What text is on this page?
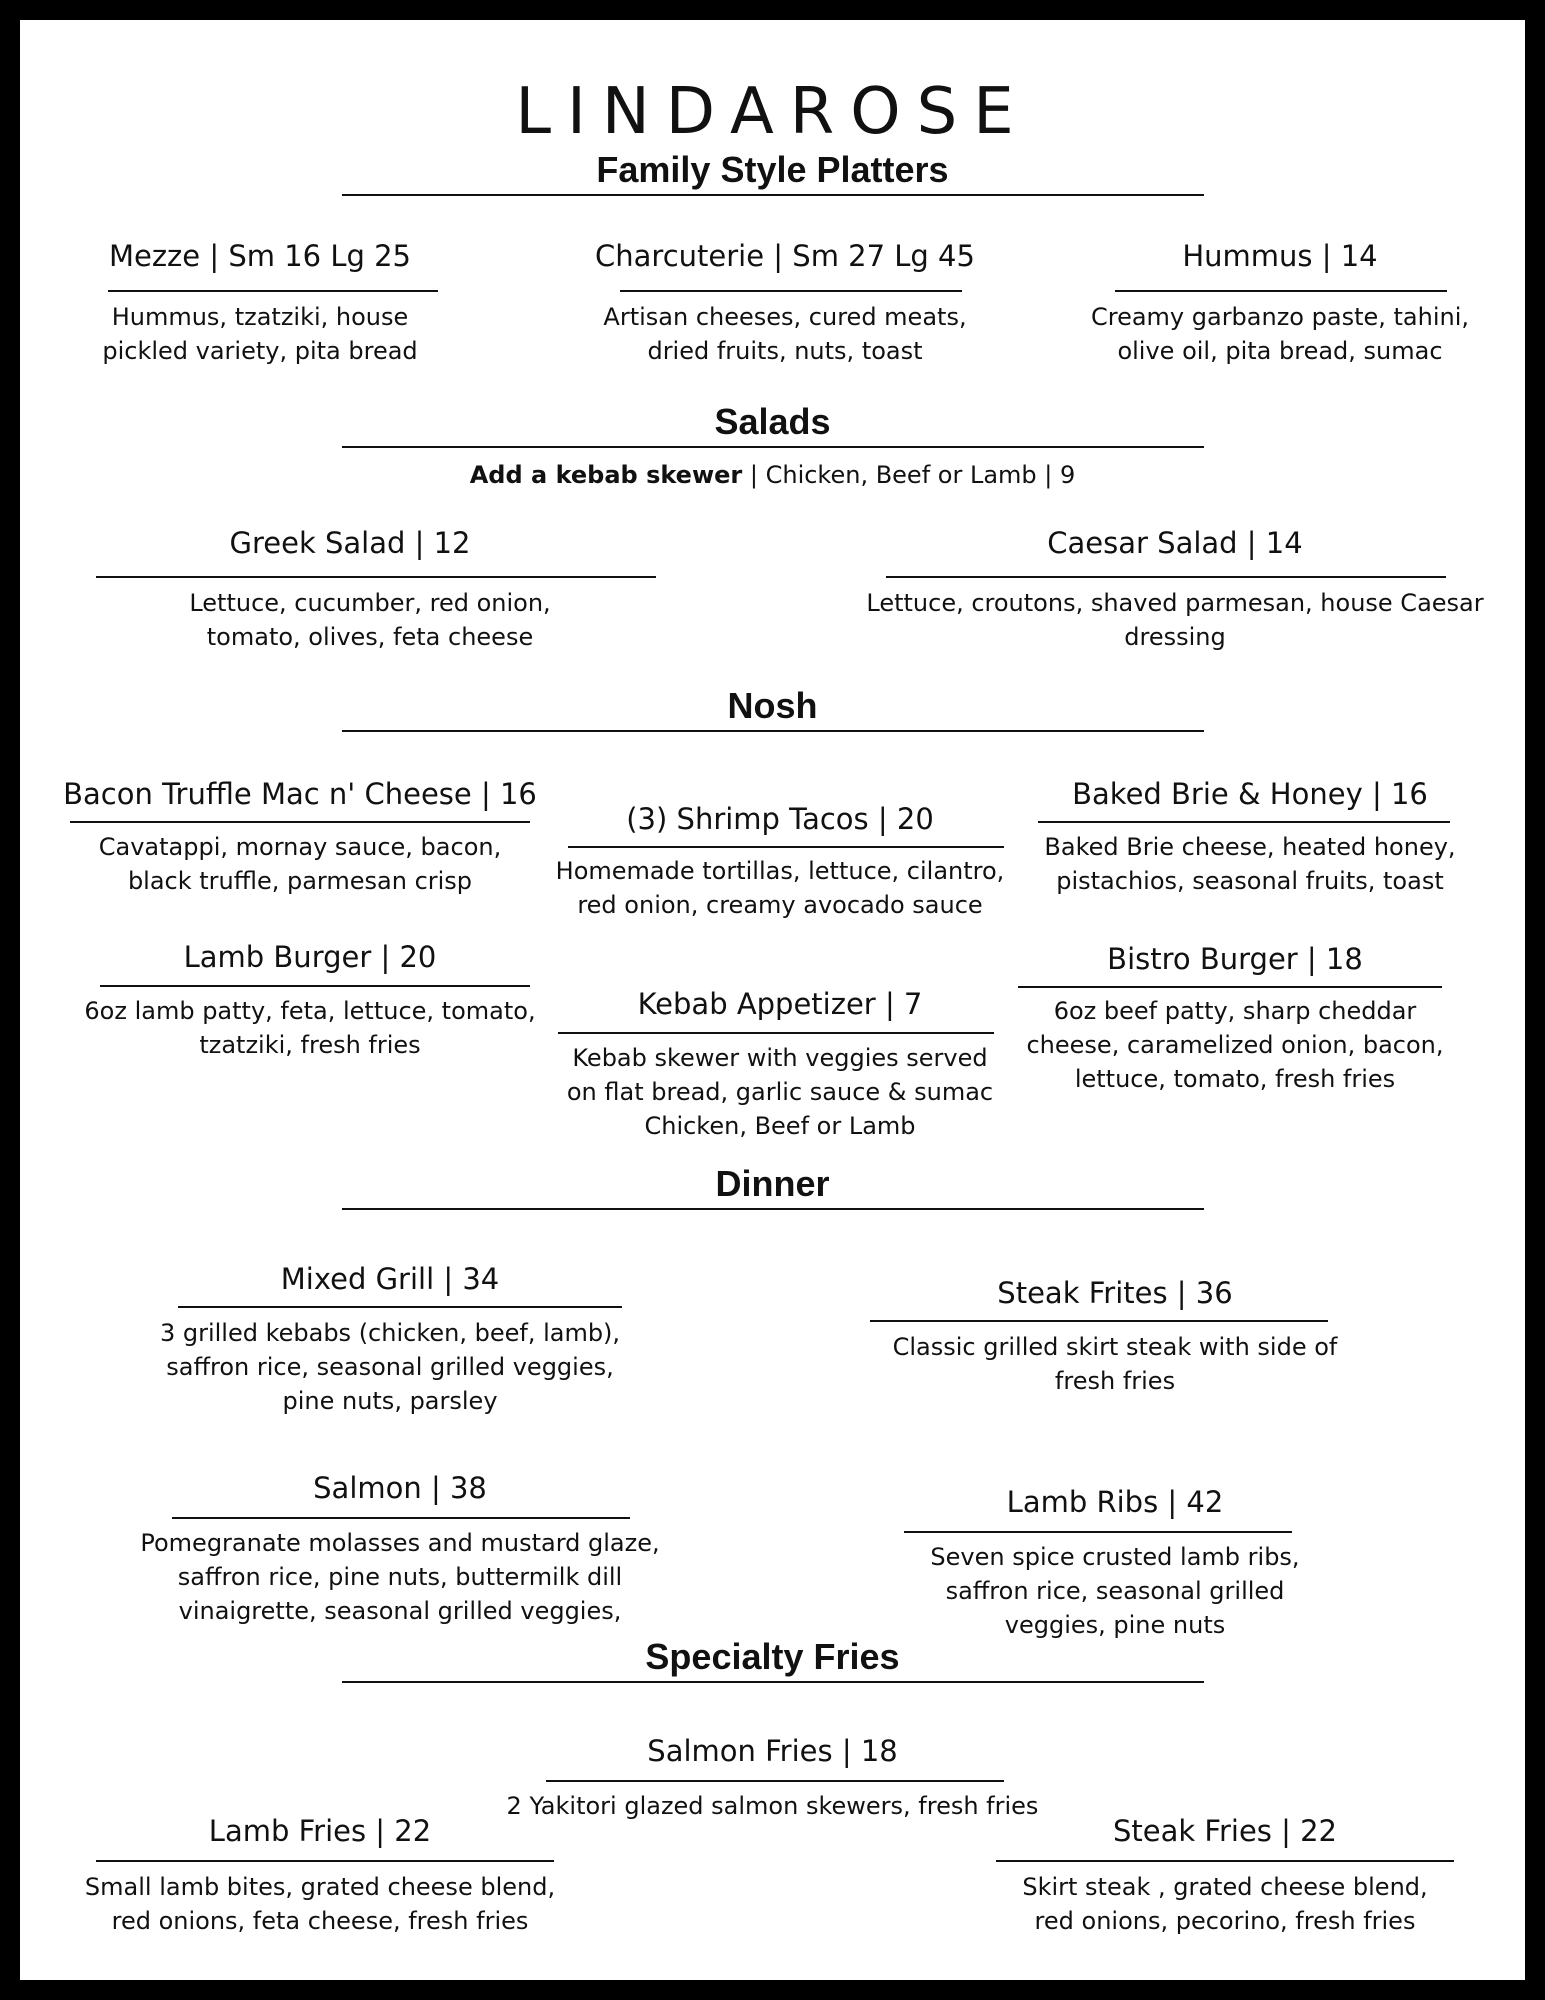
LINDAROSE
Family Style Platters
Mezze | Sm 16 Lg 25
Hummus, tzatziki, house
pickled variety, pita bread
Charcuterie | Sm 27 Lg 45
Artisan cheeses, cured meats,
dried fruits, nuts, toast
Hummus | 14
Creamy garbanzo paste, tahini,
olive oil, pita bread, sumac
Salads
Add a kebab skewer | Chicken, Beef or Lamb | 9
Greek Salad | 12
Lettuce, cucumber, red onion,
tomato, olives, feta cheese
Caesar Salad | 14
Lettuce, croutons, shaved parmesan, house Caesar
dressing
Nosh
Bacon Truffle Mac n' Cheese | 16
Cavatappi, mornay sauce, bacon,
black truffle, parmesan crisp
(3) Shrimp Tacos | 20
Homemade tortillas, lettuce, cilantro,
red onion, creamy avocado sauce
Baked Brie & Honey | 16
Baked Brie cheese, heated honey,
pistachios, seasonal fruits, toast
Lamb Burger | 20
6oz lamb patty, feta, lettuce, tomato,
tzatziki, fresh fries
Kebab Appetizer | 7
Kebab skewer with veggies served
on flat bread, garlic sauce & sumac
Chicken, Beef or Lamb
Bistro Burger | 18
6oz beef patty, sharp cheddar
cheese, caramelized onion, bacon,
lettuce, tomato, fresh fries
Dinner
Mixed Grill | 34
3 grilled kebabs (chicken, beef, lamb),
saffron rice, seasonal grilled veggies,
pine nuts, parsley
Steak Frites | 36
Classic grilled skirt steak with side of
fresh fries
Salmon | 38
Pomegranate molasses and mustard glaze,
saffron rice, pine nuts, buttermilk dill
vinaigrette, seasonal grilled veggies,
Lamb Ribs | 42
Seven spice crusted lamb ribs,
saffron rice, seasonal grilled
veggies, pine nuts
Specialty Fries
Salmon Fries | 18
2 Yakitori glazed salmon skewers, fresh fries
Lamb Fries | 22
Small lamb bites, grated cheese blend,
red onions, feta cheese, fresh fries
Steak Fries | 22
Skirt steak , grated cheese blend,
red onions, pecorino, fresh fries
